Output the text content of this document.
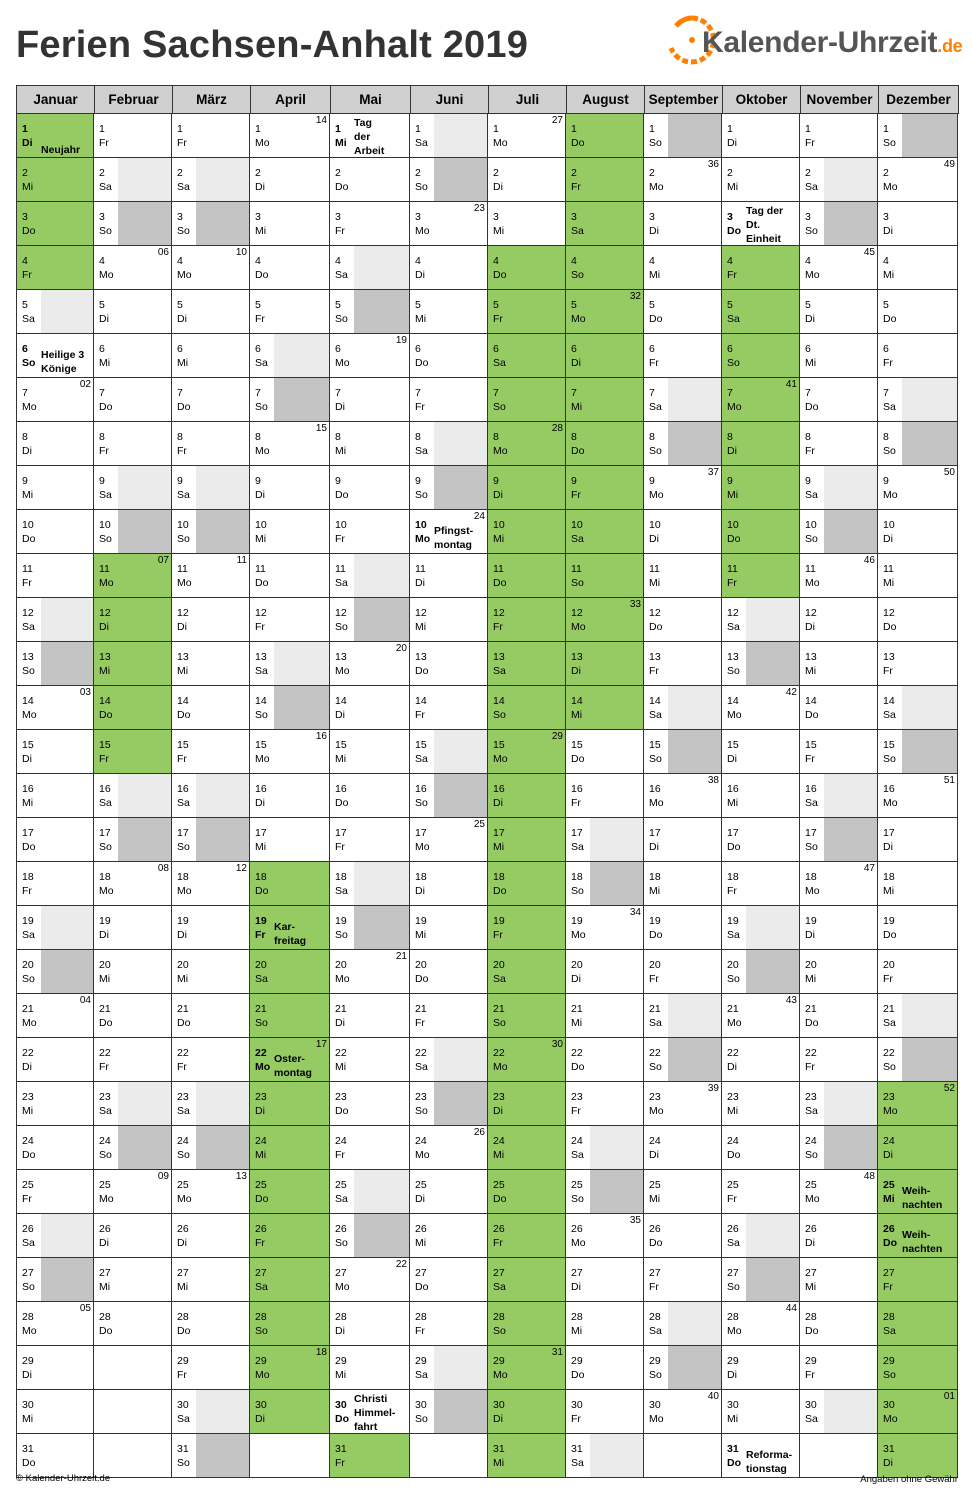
Ferien Sachsen-Anhalt 2019	Kalender-Uhrzeit.de
Januar
1
Di
Neujahr
2
Mi
3
Do
4
Fr
5
Sa
6
So
Heilige 3
Könige
7
Mo
02
8
Di
9
Mi
10
Do
11
Fr
12
Sa
13
So
14
Mo
03
15
Di
16
Mi
17
Do
18
Fr
19
Sa
20
So
21
Mo
04
22
Di
23
Mi
24
Do
25
Fr
26
Sa
27
So
28
Mo
05
29
Di
30
Mi
31
Do
Februar
1
Fr
2
Sa
3
So
4
Mo
06
5
Di
6
Mi
7
Do
8
Fr
9
Sa
10
So
11
Mo
07
12
Di
13
Mi
14
Do
15
Fr
16
Sa
17
So
18
Mo
08
19
Di
20
Mi
21
Do
22
Fr
23
Sa
24
So
25
Mo
09
26
Di
27
Mi
28
Do
März
1
Fr
2
Sa
3
So
4
Mo
10
5
Di
6
Mi
7
Do
8
Fr
9
Sa
10
So
11
Mo
11
12
Di
13
Mi
14
Do
15
Fr
16
Sa
17
So
18
Mo
12
19
Di
20
Mi
21
Do
22
Fr
23
Sa
24
So
25
Mo
13
26
Di
27
Mi
28
Do
29
Fr
30
Sa
31
So
April
1
Mo
14
2
Di
3
Mi
4
Do
5
Fr
6
Sa
7
So
8
Mo
15
9
Di
10
Mi
11
Do
12
Fr
13
Sa
14
So
15
Mo
16
16
Di
17
Mi
18
Do
19
Fr
Kar-
freitag
20
Sa
21
So
22
Mo
Oster-
montag
17
23
Di
24
Mi
25
Do
26
Fr
27
Sa
28
So
29
Mo
18
30
Di
Mai
1
Mi
Tag
der
Arbeit
2
Do
3
Fr
4
Sa
5
So
6
Mo
19
7
Di
8
Mi
9
Do
10
Fr
11
Sa
12
So
13
Mo
20
14
Di
15
Mi
16
Do
17
Fr
18
Sa
19
So
20
Mo
21
21
Di
22
Mi
23
Do
24
Fr
25
Sa
26
So
27
Mo
22
28
Di
29
Mi
30
Do
Christi
Himmel-
fahrt
31
Fr
Juni
1
Sa
2
So
3
Mo
23
4
Di
5
Mi
6
Do
7
Fr
8
Sa
9
So
10
Mo
Pfingst-
montag
24
11
Di
12
Mi
13
Do
14
Fr
15
Sa
16
So
17
Mo
25
18
Di
19
Mi
20
Do
21
Fr
22
Sa
23
So
24
Mo
26
25
Di
26
Mi
27
Do
28
Fr
29
Sa
30
So
Juli
1
Mo
27
2
Di
3
Mi
4
Do
5
Fr
6
Sa
7
So
8
Mo
28
9
Di
10
Mi
11
Do
12
Fr
13
Sa
14
So
15
Mo
29
16
Di
17
Mi
18
Do
19
Fr
20
Sa
21
So
22
Mo
30
23
Di
24
Mi
25
Do
26
Fr
27
Sa
28
So
29
Mo
31
30
Di
31
Mi
August
1
Do
2
Fr
3
Sa
4
So
5
Mo
32
6
Di
7
Mi
8
Do
9
Fr
10
Sa
11
So
12
Mo
33
13
Di
14
Mi
15
Do
16
Fr
17
Sa
18
So
19
Mo
34
20
Di
21
Mi
22
Do
23
Fr
24
Sa
25
So
26
Mo
35
27
Di
28
Mi
29
Do
30
Fr
31
Sa
September
1
So
2
Mo
36
3
Di
4
Mi
5
Do
6
Fr
7
Sa
8
So
9
Mo
37
10
Di
11
Mi
12
Do
13
Fr
14
Sa
15
So
16
Mo
38
17
Di
18
Mi
19
Do
20
Fr
21
Sa
22
So
23
Mo
39
24
Di
25
Mi
26
Do
27
Fr
28
Sa
29
So
30
Mo
40
Oktober
1
Di
2
Mi
3
Do
Tag der
Dt.
Einheit
4
Fr
5
Sa
6
So
7
Mo
41
8
Di
9
Mi
10
Do
11
Fr
12
Sa
13
So
14
Mo
42
15
Di
16
Mi
17
Do
18
Fr
19
Sa
20
So
21
Mo
43
22
Di
23
Mi
24
Do
25
Fr
26
Sa
27
So
28
Mo
44
29
Di
30
Mi
31
Do
Reforma-
tionstag
November
1
Fr
2
Sa
3
So
4
Mo
45
5
Di
6
Mi
7
Do
8
Fr
9
Sa
10
So
11
Mo
46
12
Di
13
Mi
14
Do
15
Fr
16
Sa
17
So
18
Mo
47
19
Di
20
Mi
21
Do
22
Fr
23
Sa
24
So
25
Mo
48
26
Di
27
Mi
28
Do
29
Fr
30
Sa
Dezember
1
So
2
Mo
49
3
Di
4
Mi
5
Do
6
Fr
7
Sa
8
So
9
Mo
50
10
Di
11
Mi
12
Do
13
Fr
14
Sa
15
So
16
Mo
51
17
Di
18
Mi
19
Do
20
Fr
21
Sa
22
So
23
Mo
52
24
Di
25
Mi
Weih-
nachten
26
Do
Weih-
nachten
27
Fr
28
Sa
29
So
30
Mo
01
31
Di
© Kalender-Uhrzeit.de	Angaben ohne Gewähr
